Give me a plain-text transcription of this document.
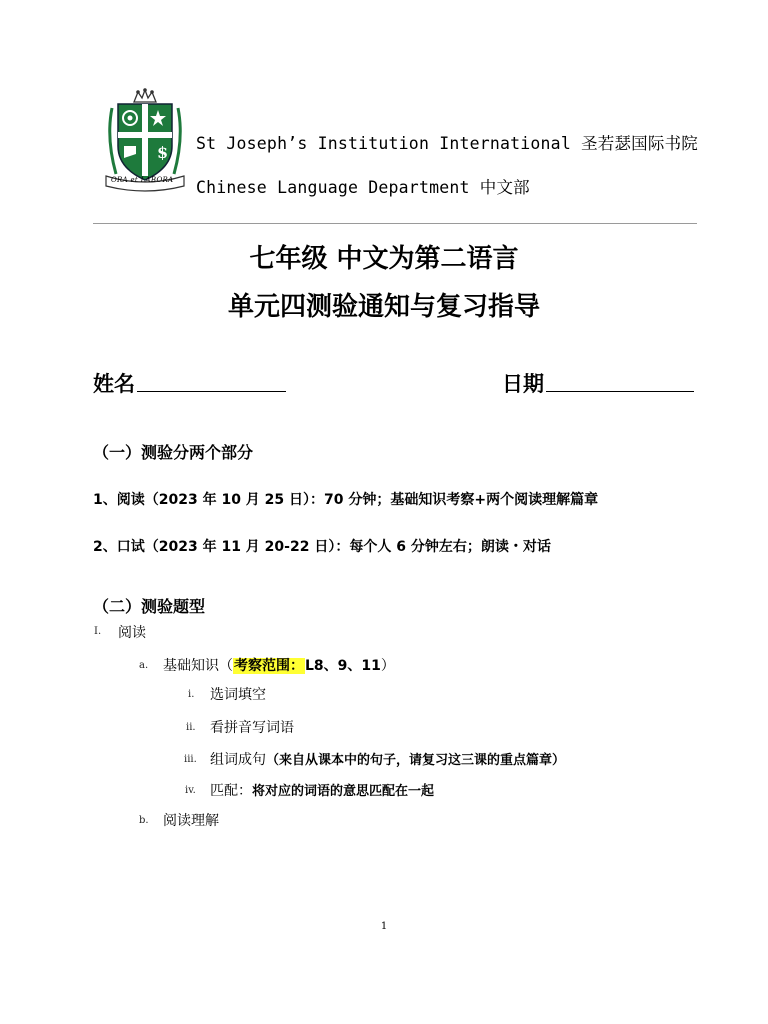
$
ORA et LABORA
St Joseph’s Institution International 圣若瑟国际书院
Chinese Language Department 中文部
七年级 中文为第二语言
单元四测验通知与复习指导
姓名	日期
（一）测验分两个部分
1、阅读（2023 年 10 月 25 日）：70 分钟；基础知识考察+两个阅读理解篇章
2、口试（2023 年 11 月 20-22 日）：每个人 6 分钟左右；朗读・对话
（二）测验题型
I. 阅读
a. 基础知识（考察范围：L8、9、11）
i. 选词填空
ii. 看拼音写词语
iii. 组词成句（来自从课本中的句子，请复习这三课的重点篇章）
iv. 匹配：将对应的词语的意思匹配在一起
b. 阅读理解
1
